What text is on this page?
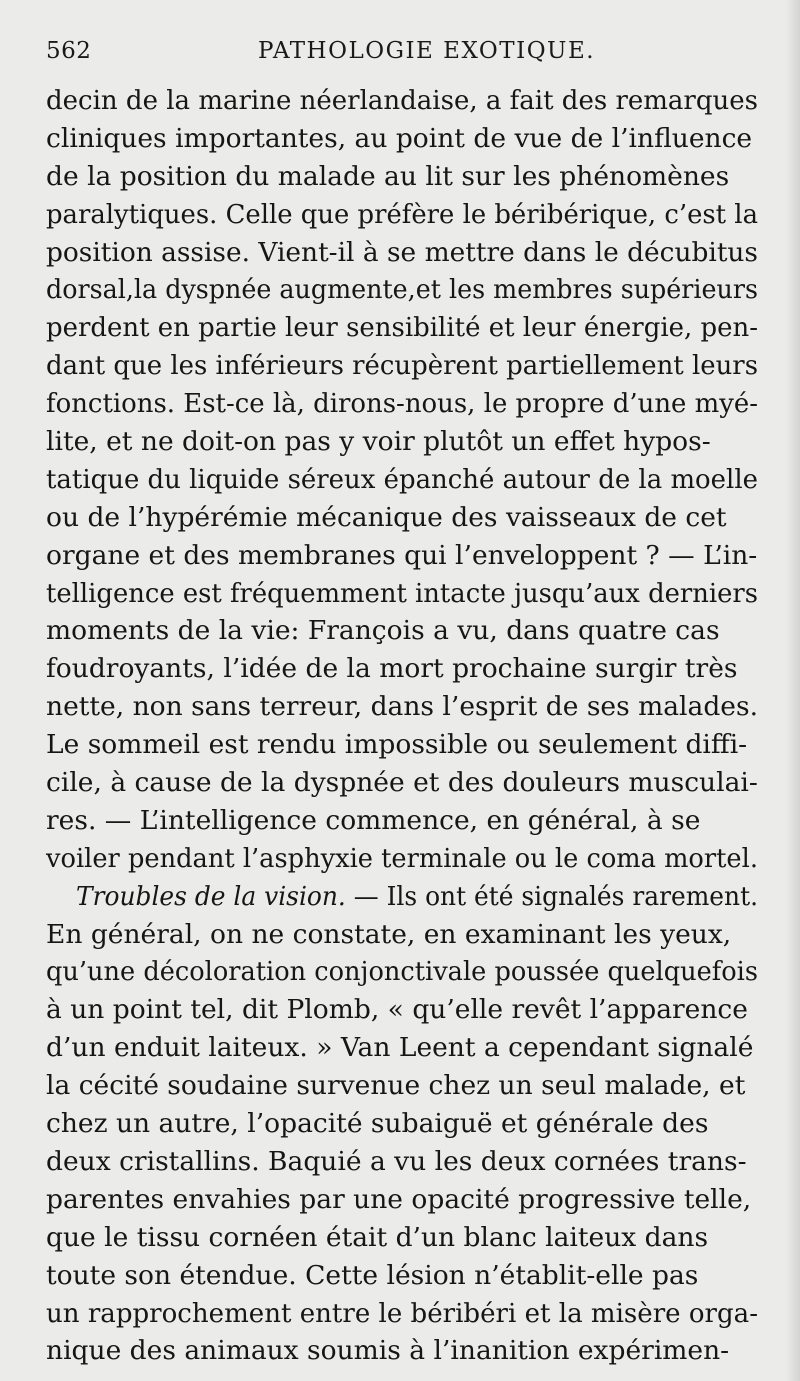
562	PATHOLOGIE EXOTIQUE.
decin de la marine néerlandaise, a fait des remarques
cliniques importantes, au point de vue de l’influence
de la position du malade au lit sur les phénomènes
paralytiques. Celle que préfère le béribérique, c’est la
position assise. Vient-il à se mettre dans le décubitus
dorsal,la dyspnée augmente,et les membres supérieurs
perdent en partie leur sensibilité et leur énergie, pen-
dant que les inférieurs récupèrent partiellement leurs
fonctions. Est-ce là, dirons-nous, le propre d’une myé-
lite, et ne doit-on pas y voir plutôt un effet hypos-
tatique du liquide séreux épanché autour de la moelle
ou de l’hypérémie mécanique des vaisseaux de cet
organe et des membranes qui l’enveloppent ? — L’in-
telligence est fréquemment intacte jusqu’aux derniers
moments de la vie: François a vu, dans quatre cas
foudroyants, l’idée de la mort prochaine surgir très
nette, non sans terreur, dans l’esprit de ses malades.
Le sommeil est rendu impossible ou seulement diffi-
cile, à cause de la dyspnée et des douleurs musculai-
res. — L’intelligence commence, en général, à se
voiler pendant l’asphyxie terminale ou le coma mortel.
Troubles de la vision. — Ils ont été signalés rarement.
En général, on ne constate, en examinant les yeux,
qu’une décoloration conjonctivale poussée quelquefois
à un point tel, dit Plomb, « qu’elle revêt l’apparence
d’un enduit laiteux. » Van Leent a cependant signalé
la cécité soudaine survenue chez un seul malade, et
chez un autre, l’opacité subaiguë et générale des
deux cristallins. Baquié a vu les deux cornées trans-
parentes envahies par une opacité progressive telle,
que le tissu cornéen était d’un blanc laiteux dans
toute son étendue. Cette lésion n’établit-elle pas
un rapprochement entre le béribéri et la misère orga-
nique des animaux soumis à l’inanition expérimen-
